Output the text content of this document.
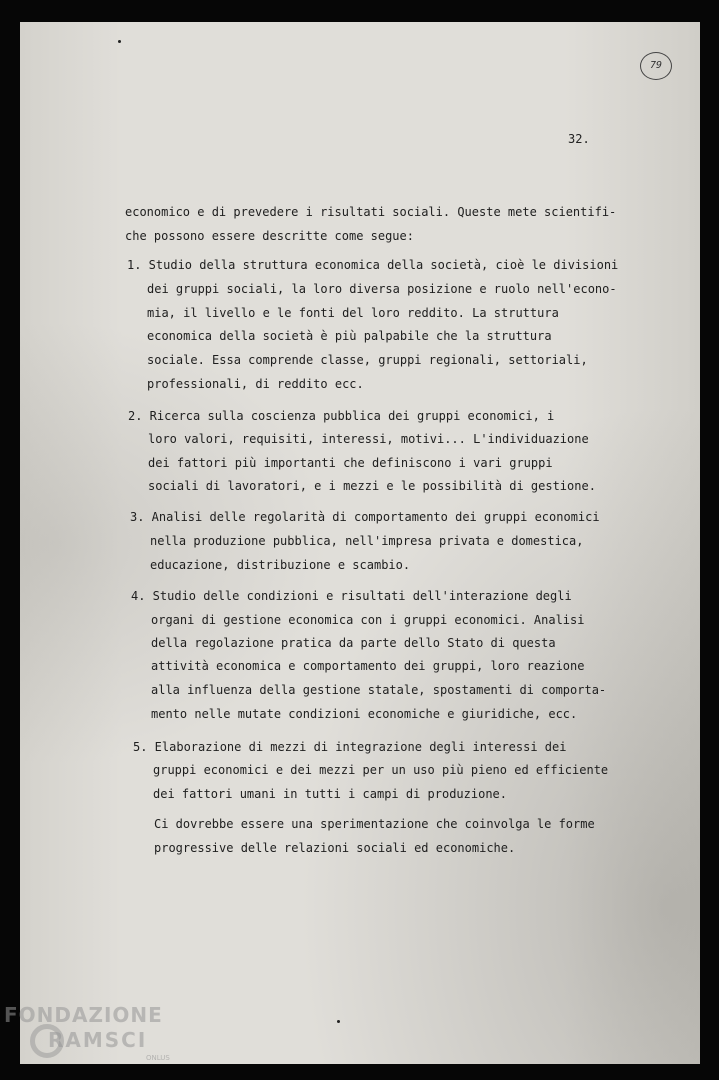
79
32.
economico e di prevedere i risultati sociali. Queste mete scientifi-
che possono essere descritte come segue:
1. Studio della struttura economica della società, cioè le divisioni
dei gruppi sociali, la loro diversa posizione e ruolo nell'econo-
mia, il livello e le fonti del loro reddito. La struttura
economica della società è più palpabile che la struttura
sociale. Essa comprende classe, gruppi regionali, settoriali,
professionali, di reddito ecc.
2. Ricerca sulla coscienza pubblica dei gruppi economici, i
loro valori, requisiti, interessi, motivi... L'individuazione
dei fattori più importanti che definiscono i vari gruppi
sociali di lavoratori, e i mezzi e le possibilità di gestione.
3. Analisi delle regolarità di comportamento dei gruppi economici
nella produzione pubblica, nell'impresa privata e domestica,
educazione, distribuzione e scambio.
4. Studio delle condizioni e risultati dell'interazione degli
organi di gestione economica con i gruppi economici. Analisi
della regolazione pratica da parte dello Stato di questa
attività economica e comportamento dei gruppi, loro reazione
alla influenza della gestione statale, spostamenti di comporta-
mento nelle mutate condizioni economiche e giuridiche, ecc.
5. Elaborazione di mezzi di integrazione degli interessi dei
gruppi economici e dei mezzi per un uso più pieno ed efficiente
dei fattori umani in tutti i campi di produzione.
Ci dovrebbe essere una sperimentazione che coinvolga le forme
progressive delle relazioni sociali ed economiche.
FONDAZIONE
RAMSCI
ONLUS
